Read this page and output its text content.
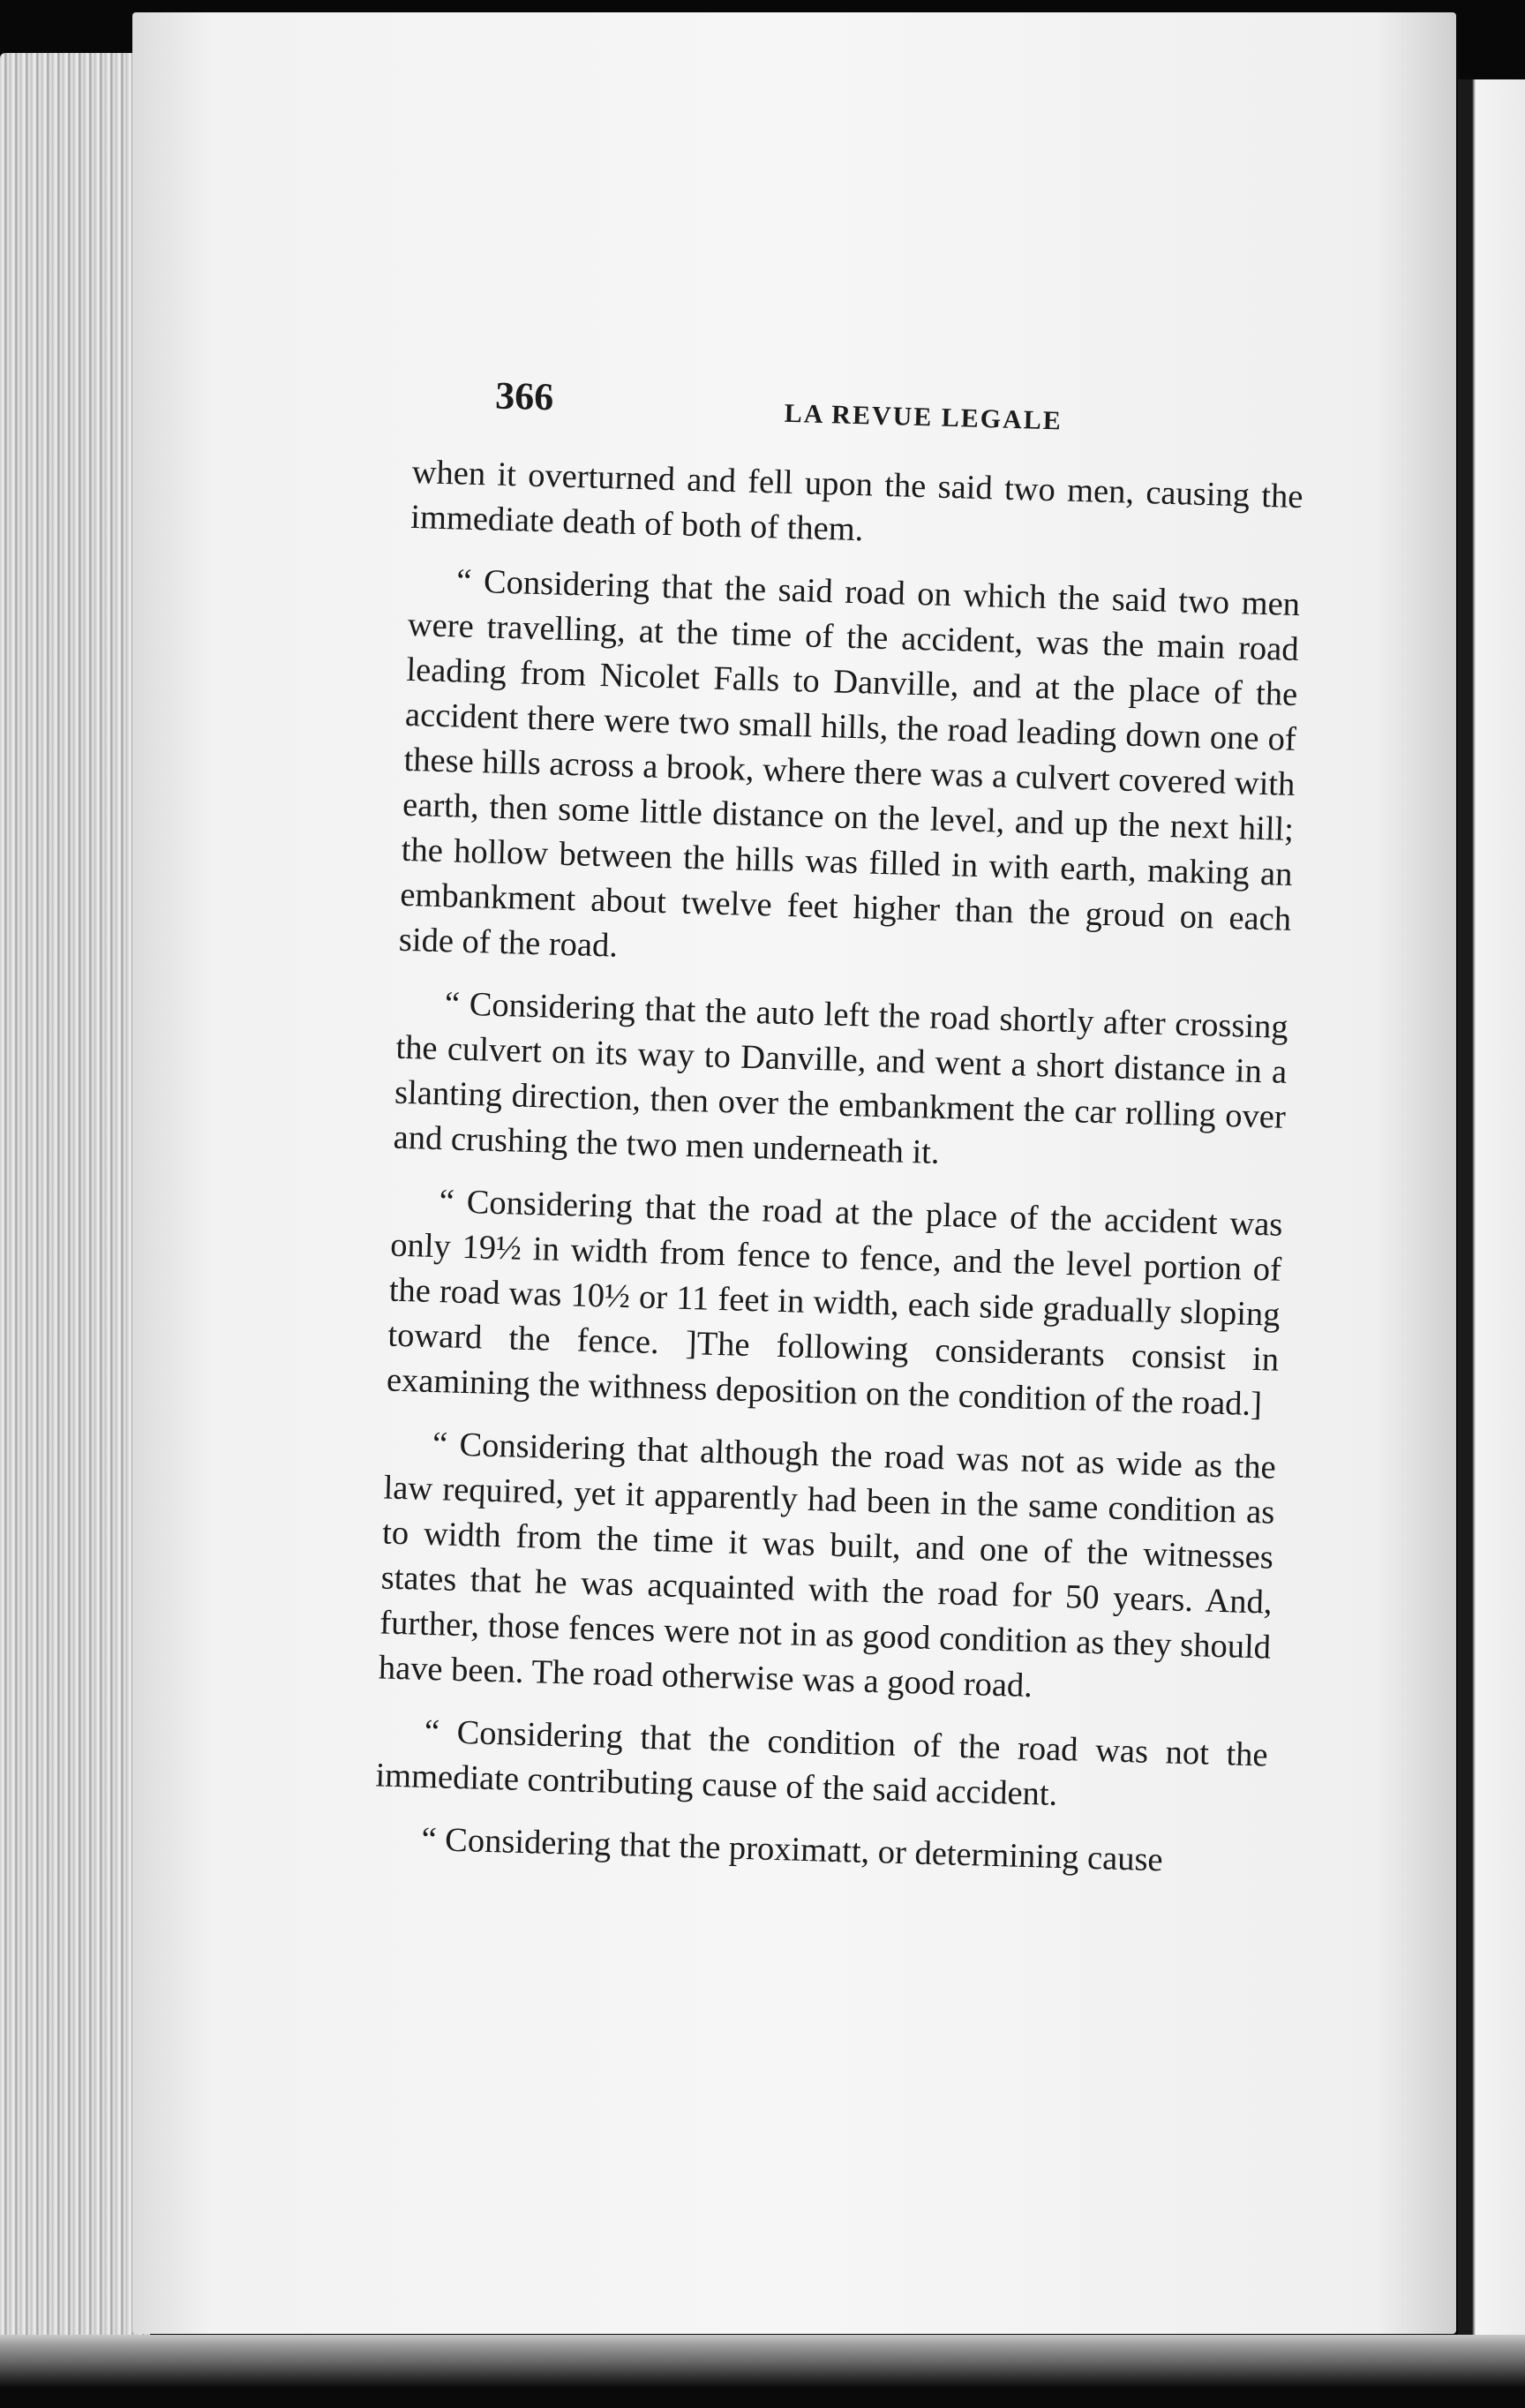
366	LA REVUE LEGALE

when it overturned and fell upon the said two men, causing the immediate death of both of them.

“ Considering that the said road on which the said two men were travelling, at the time of the accident, was the main road leading from Nicolet Falls to Danville, and at the place of the accident there were two small hills, the road leading down one of these hills across a brook, where there was a culvert covered with earth, then some little distance on the level, and up the next hill; the hollow between the hills was filled in with earth, making an embankment about twelve feet higher than the groud on each side of the road.

“ Considering that the auto left the road shortly after crossing the culvert on its way to Danville, and went a short distance in a slanting direction, then over the embankment the car rolling over and crushing the two men underneath it.

“ Considering that the road at the place of the accident was only 19½ in width from fence to fence, and the level portion of the road was 10½ or 11 feet in width, each side gradually sloping toward the fence. ]The following considerants consist in examining the withness deposition on the condition of the road.]

“ Considering that although the road was not as wide as the law required, yet it apparently had been in the same condition as to width from the time it was built, and one of the witnesses states that he was acquainted with the road for 50 years. And, further, those fences were not in as good condition as they should have been. The road otherwise was a good road.

“ Considering that the condition of the road was not the immediate contributing cause of the said accident.

“ Considering that the proximatt, or determining cause
